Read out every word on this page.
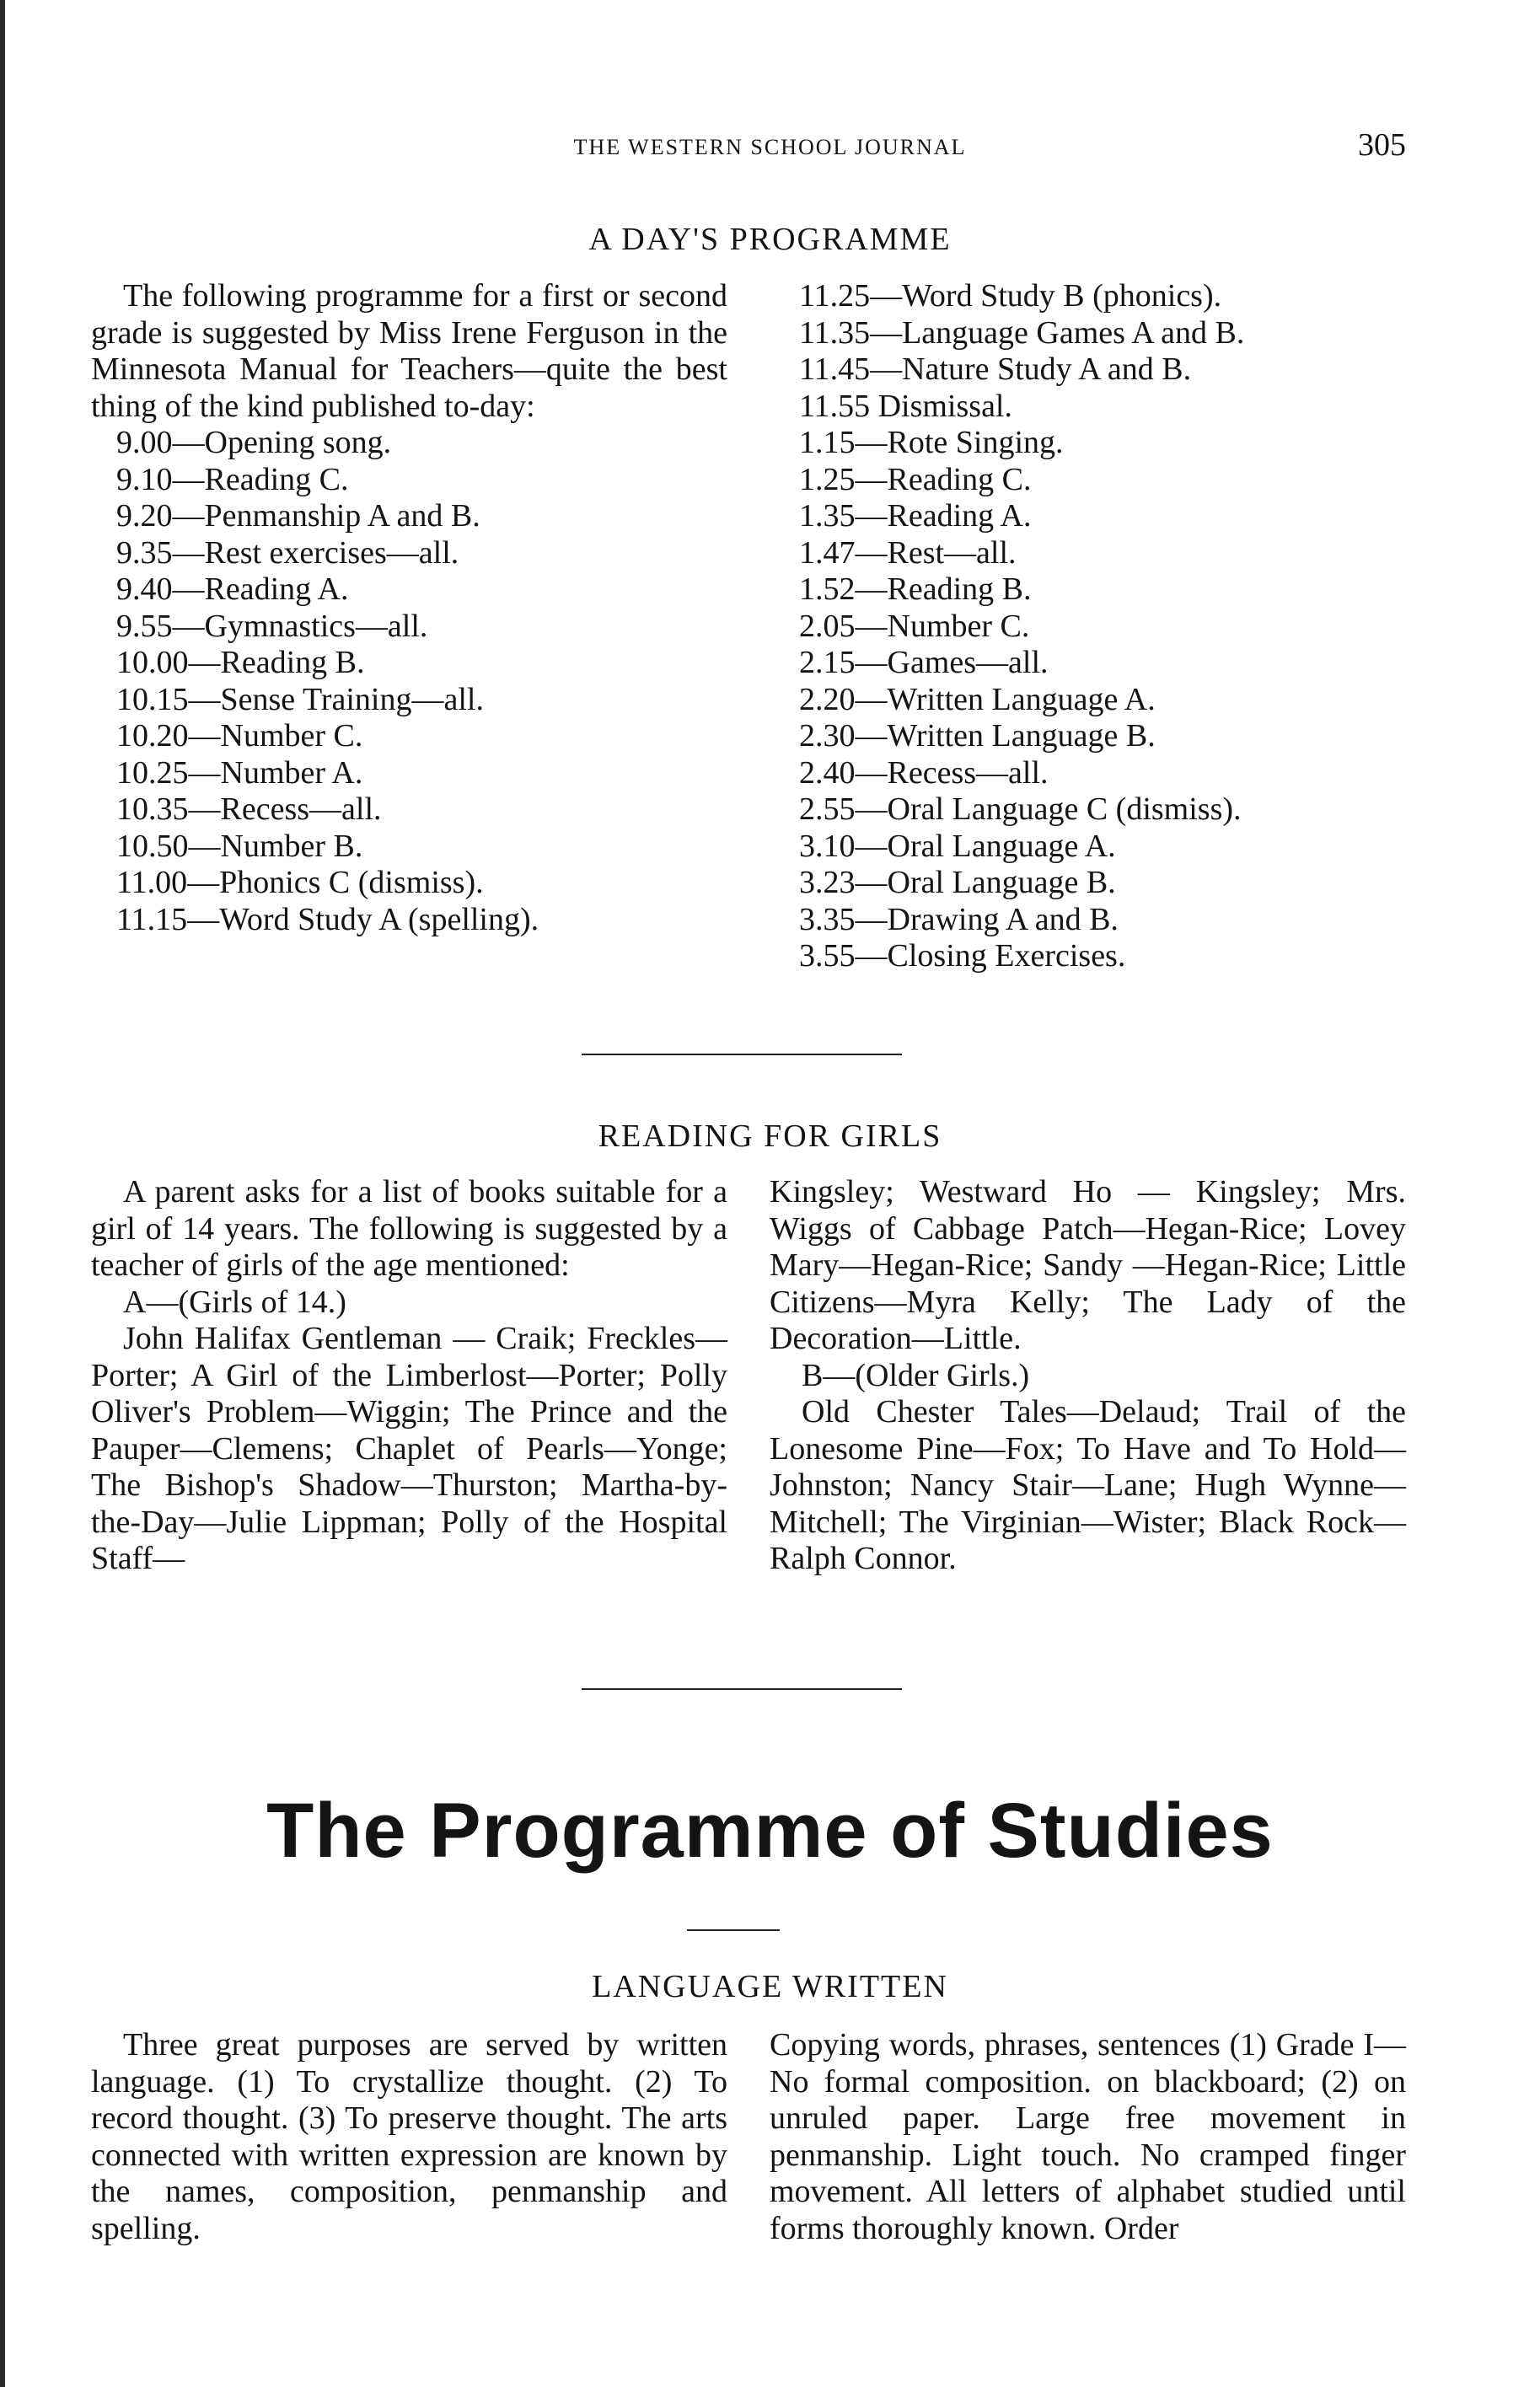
THE WESTERN SCHOOL JOURNAL	305
A DAY'S PROGRAMME

The following programme for a first or second grade is suggested by Miss Irene Ferguson in the Minnesota Manual for Teachers—quite the best thing of the kind published to-day:

9.00—Opening song.
9.10—Reading C.
9.20—Penmanship A and B.
9.35—Rest exercises—all.
9.40—Reading A.
9.55—Gymnastics—all.
10.00—Reading B.
10.15—Sense Training—all.
10.20—Number C.
10.25—Number A.
10.35—Recess—all.
10.50—Number B.
11.00—Phonics C (dismiss).
11.15—Word Study A (spelling).
11.25—Word Study B (phonics).
11.35—Language Games A and B.
11.45—Nature Study A and B.
11.55 Dismissal.
1.15—Rote Singing.
1.25—Reading C.
1.35—Reading A.
1.47—Rest—all.
1.52—Reading B.
2.05—Number C.
2.15—Games—all.
2.20—Written Language A.
2.30—Written Language B.
2.40—Recess—all.
2.55—Oral Language C (dismiss).
3.10—Oral Language A.
3.23—Oral Language B.
3.35—Drawing A and B.
3.55—Closing Exercises.
READING FOR GIRLS

A parent asks for a list of books suitable for a girl of 14 years. The following is suggested by a teacher of girls of the age mentioned:

A—(Girls of 14.)

John Halifax Gentleman — Craik; Freckles—Porter; A Girl of the Limberlost—Porter; Polly Oliver's Problem—Wiggin; The Prince and the Pauper—Clemens; Chaplet of Pearls—Yonge; The Bishop's Shadow—Thurston; Martha-by-the-Day—Julie Lippman; Polly of the Hospital Staff—

Kingsley; Westward Ho — Kingsley; Mrs. Wiggs of Cabbage Patch—Hegan-Rice; Lovey Mary—Hegan-Rice; Sandy —Hegan-Rice; Little Citizens—Myra Kelly; The Lady of the Decoration—Little.

B—(Older Girls.)

Old Chester Tales—Delaud; Trail of the Lonesome Pine—Fox; To Have and To Hold—Johnston; Nancy Stair—Lane; Hugh Wynne—Mitchell; The Virginian—Wister; Black Rock—Ralph Connor.

The Programme of Studies
LANGUAGE WRITTEN

Three great purposes are served by written language. (1) To crystallize thought. (2) To record thought. (3) To preserve thought. The arts connected with written expression are known by the names, composition, penmanship and spelling.

Copying words, phrases, sentences (1) Grade I—No formal composition. on blackboard; (2) on unruled paper. Large free movement in penmanship. Light touch. No cramped finger movement. All letters of alphabet studied until forms thoroughly known. Order
